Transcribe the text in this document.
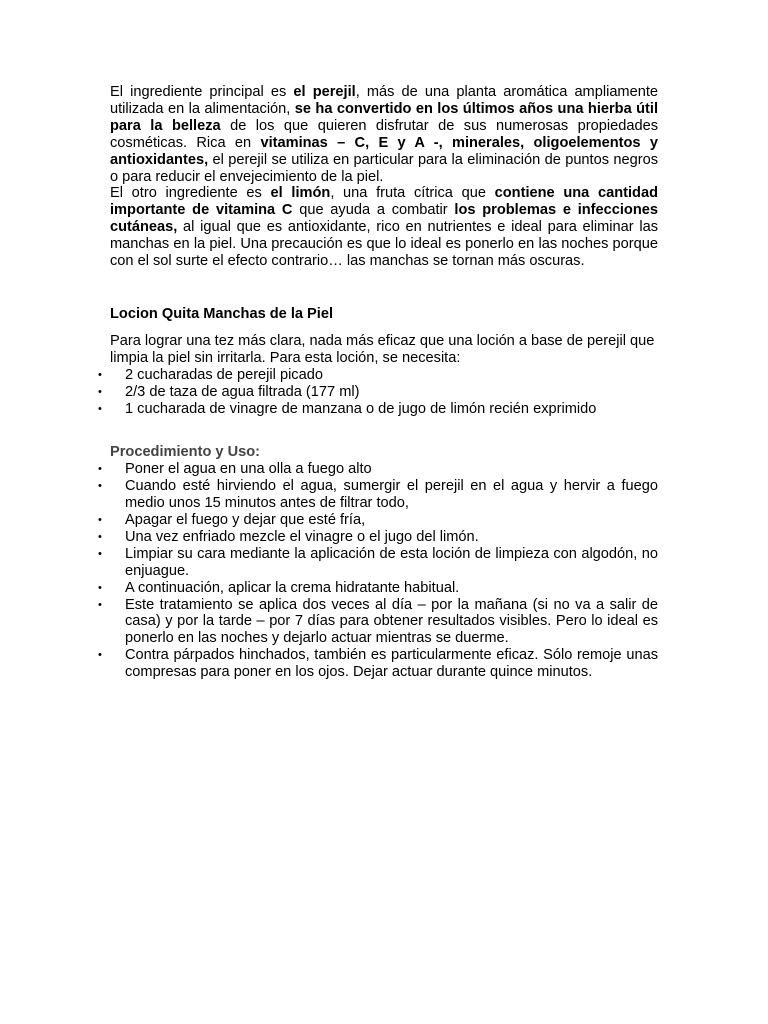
El ingrediente principal es el perejil, más de una planta aromática ampliamente utilizada en la alimentación, se ha convertido en los últimos años una hierba útil para la belleza de los que quieren disfrutar de sus numerosas propiedades cosméticas. Rica en vitaminas – C, E y A -, minerales, oligoelementos y antioxidantes, el perejil se utiliza en particular para la eliminación de puntos negros o para reducir el envejecimiento de la piel.

El otro ingrediente es el limón, una fruta cítrica que contiene una cantidad importante de vitamina C que ayuda a combatir los problemas e infecciones cutáneas, al igual que es antioxidante, rico en nutrientes e ideal para eliminar las manchas en la piel. Una precaución es que lo ideal es ponerlo en las noches porque con el sol surte el efecto contrario… las manchas se tornan más oscuras.

Locion Quita Manchas de la Piel

Para lograr una tez más clara, nada más eficaz que una loción a base de perejil que limpia la piel sin irritarla. Para esta loción, se necesita:

•	2 cucharadas de perejil picado
•	2/3 de taza de agua filtrada (177 ml)
•	1 cucharada de vinagre de manzana o de jugo de limón recién exprimido
Procedimiento y Uso:
•	Poner el agua en una olla a fuego alto
•	Cuando esté hirviendo el agua, sumergir el perejil en el agua y hervir a fuego medio unos 15 minutos antes de filtrar todo,
•	Apagar el fuego y dejar que esté fría,
•	Una vez enfriado mezcle el vinagre o el jugo del limón.
•	Limpiar su cara mediante la aplicación de esta loción de limpieza con algodón, no enjuague.
•	A continuación, aplicar la crema hidratante habitual.
•	Este tratamiento se aplica dos veces al día – por la mañana (si no va a salir de casa) y por la tarde – por 7 días para obtener resultados visibles. Pero lo ideal es ponerlo en las noches y dejarlo actuar mientras se duerme.
•	Contra párpados hinchados, también es particularmente eficaz. Sólo remoje unas compresas para poner en los ojos. Dejar actuar durante quince minutos.
